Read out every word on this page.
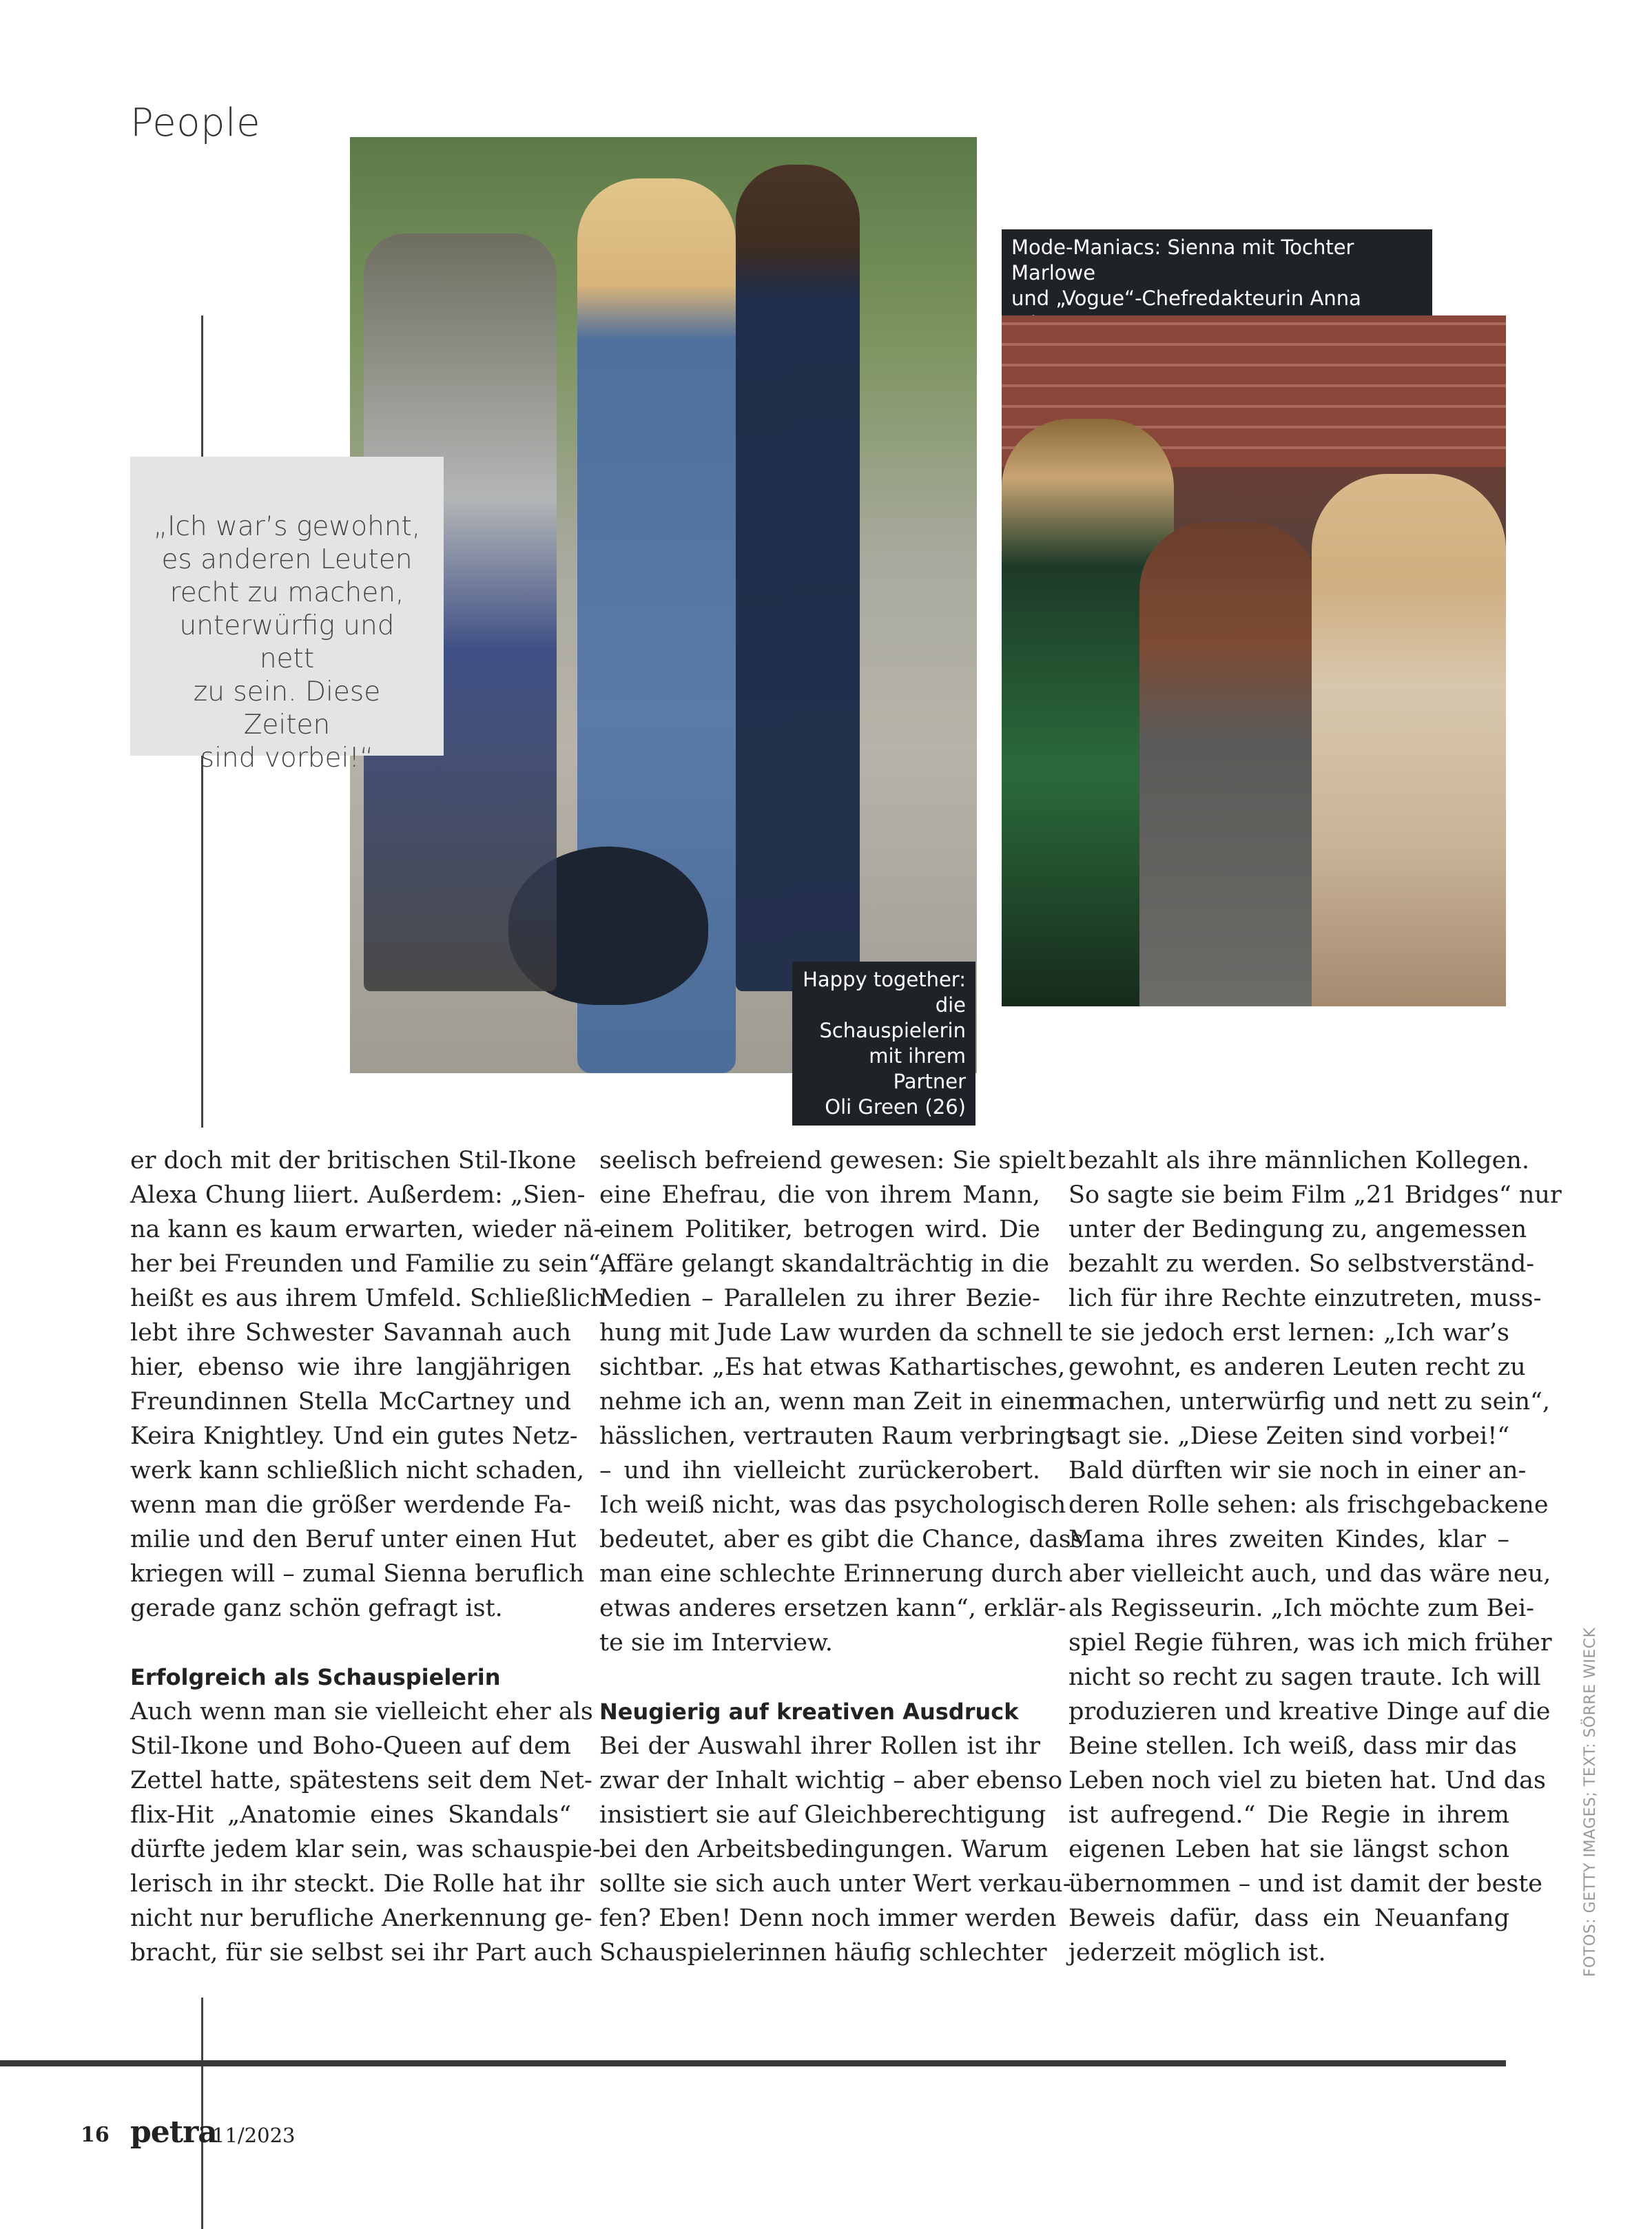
People
Happy together:
die Schauspielerin
mit ihrem Partner
Oli Green (26)
Mode-Maniacs: Sienna mit Tochter Marlowe
und „Vogue“-Chefredakteurin Anna
„Ich war’s gewohnt,
es anderen Leuten
recht zu machen,
unterwürfig und nett
zu sein. Diese Zeiten
sind vorbei!“
er doch mit der britischen Stil-Ikone
Alexa Chung liiert. Außerdem: „Sien-
na kann es kaum erwarten, wieder nä-
her bei Freunden und Familie zu sein“,
heißt es aus ihrem Umfeld. Schließlich
lebt ihre Schwester Savannah auch
hier, ebenso wie ihre langjährigen
Freundinnen Stella McCartney und
Keira Knightley. Und ein gutes Netz-
werk kann schließlich nicht schaden,
wenn man die größer werdende Fa-
milie und den Beruf unter einen Hut
kriegen will – zumal Sienna beruflich
gerade ganz schön gefragt ist.
Erfolgreich als Schauspielerin
Auch wenn man sie vielleicht eher als
Stil-Ikone und Boho-Queen auf dem
Zettel hatte, spätestens seit dem Net-
flix-Hit „Anatomie eines Skandals“
dürfte jedem klar sein, was schauspie-
lerisch in ihr steckt. Die Rolle hat ihr
nicht nur berufliche Anerkennung ge-
bracht, für sie selbst sei ihr Part auch
seelisch befreiend gewesen: Sie spielt
eine Ehefrau, die von ihrem Mann,
einem Politiker, betrogen wird. Die
Affäre gelangt skandalträchtig in die
Medien – Parallelen zu ihrer Bezie-
hung mit Jude Law wurden da schnell
sichtbar. „Es hat etwas Kathartisches,
nehme ich an, wenn man Zeit in einem
hässlichen, vertrauten Raum verbringt
– und ihn vielleicht zurückerobert.
Ich weiß nicht, was das psychologisch
bedeutet, aber es gibt die Chance, dass
man eine schlechte Erinnerung durch
etwas anderes ersetzen kann“, erklär-
te sie im Interview.
Neugierig auf kreativen Ausdruck
Bei der Auswahl ihrer Rollen ist ihr
zwar der Inhalt wichtig – aber ebenso
insistiert sie auf Gleichberechtigung
bei den Arbeitsbedingungen. Warum
sollte sie sich auch unter Wert verkau-
fen? Eben! Denn noch immer werden
Schauspielerinnen häufig schlechter
bezahlt als ihre männlichen Kollegen.
So sagte sie beim Film „21 Bridges“ nur
unter der Bedingung zu, angemessen
bezahlt zu werden. So selbstverständ-
lich für ihre Rechte einzutreten, muss-
te sie jedoch erst lernen: „Ich war’s
gewohnt, es anderen Leuten recht zu
machen, unterwürfig und nett zu sein“,
sagt sie. „Diese Zeiten sind vorbei!“
Bald dürften wir sie noch in einer an-
deren Rolle sehen: als frischgebackene
Mama ihres zweiten Kindes, klar –
aber vielleicht auch, und das wäre neu,
als Regisseurin. „Ich möchte zum Bei-
spiel Regie führen, was ich mich früher
nicht so recht zu sagen traute. Ich will
produzieren und kreative Dinge auf die
Beine stellen. Ich weiß, dass mir das
Leben noch viel zu bieten hat. Und das
ist aufregend.“ Die Regie in ihrem
eigenen Leben hat sie längst schon
übernommen – und ist damit der beste
Beweis dafür, dass ein Neuanfang
jederzeit möglich ist.	FOTOS: GETTY IMAGES; TEXT: SÖRRE WIECK
16 petra
11/2023
